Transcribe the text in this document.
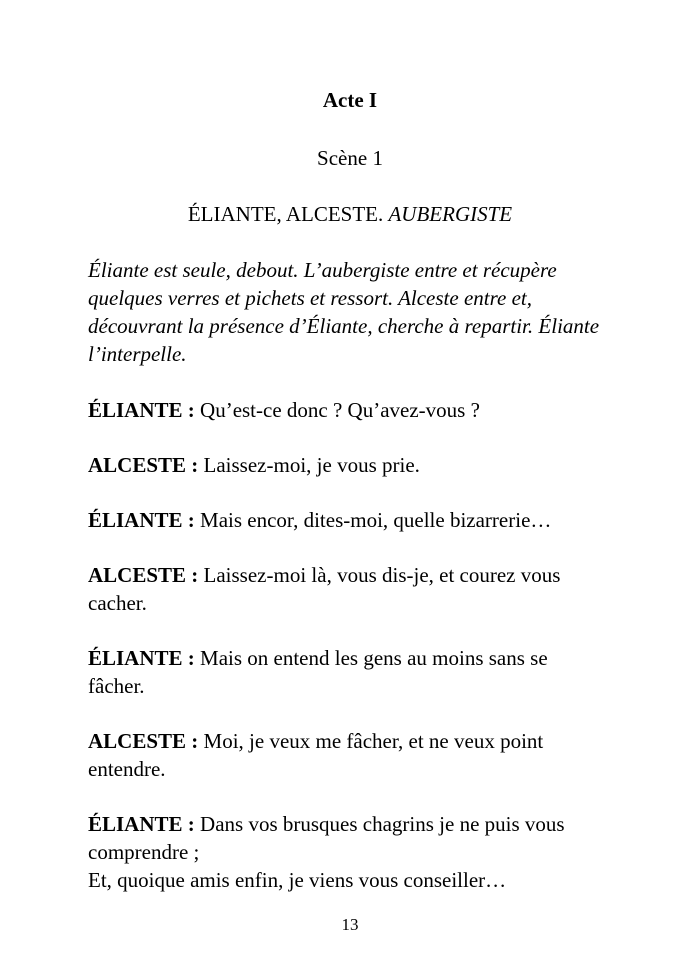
Acte I
Scène 1
ÉLIANTE, ALCESTE. AUBERGISTE

Éliante est seule, debout. L’aubergiste entre et récupère quelques verres et pichets et ressort. Alceste entre et, découvrant la présence d’Éliante, cherche à repartir. Éliante l’interpelle.

ÉLIANTE : Qu’est-ce donc ? Qu’avez-vous ?

ALCESTE : Laissez-moi, je vous prie.

ÉLIANTE : Mais encor, dites-moi, quelle bizarrerie…

ALCESTE : Laissez-moi là, vous dis-je, et courez vous cacher.

ÉLIANTE : Mais on entend les gens au moins sans se fâcher.

ALCESTE : Moi, je veux me fâcher, et ne veux point entendre.

ÉLIANTE : Dans vos brusques chagrins je ne puis vous comprendre ;
Et, quoique amis enfin, je viens vous conseiller…

13
